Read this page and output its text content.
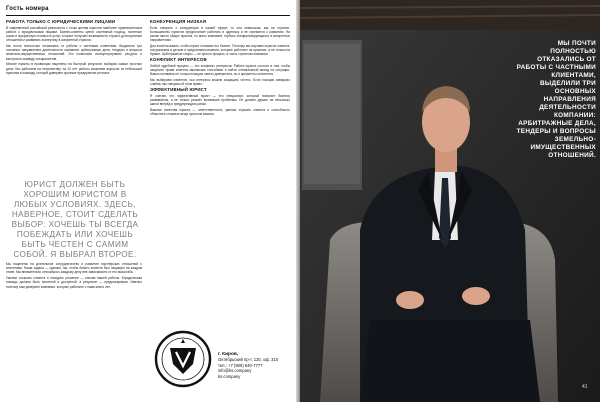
Гость номера
РАБОТА ТОЛЬКО С ЮРИДИЧЕСКИМИ ЛИЦАМИ

В современной российской реальности с точки зрения юристов наиболее привлекательна работа с юридическими лицами. Бизнес-клиенты ценят системный подход, понятные сроки и прозрачную стоимость услуг, а юрист получает возможность строить долгосрочные отношения и развивать экспертизу в конкретной отрасли.

Мы почти полностью отказались от работы с частными клиентами. Выделили три основных направления деятельности компании: арбитражные дела, тендеры и вопросы земельно-имущественных отношений. Это позволило сконцентрировать ресурсы и выстроить команду специалистов.

Многие юристы в провинции нацелены на быстрый результат, выбирая самые простые дела. Мы работаем на перспективу: за 10 лет работы компания выросла из небольшой практики в команду, которой доверяют крупные предприятия региона.

КОНКУРЕНЦИЯ НИЗКАЯ

Если говорить о конкуренции в нашей сфере, то она невысокая, как ни странно. Большинство юристов предпочитает работать в одиночку и не стремится к развитию. На рынке много общих практик, но мало компаний, глубоко специализирующихся в конкретных направлениях.

Для клиента важно, чтобы юрист понимал его бизнес. Поэтому мы изучаем отрасль клиента, погружаемся в детали и предлагаем решения, которые работают на практике, а не только на бумаге. Арбитражные споры — не просто процесс, а часть стратегии компании.

КОНФЛИКТ ИНТЕРЕСОВ

Любой судебный процесс — это конфликт интересов. Работа юриста состоит в том, чтобы защитить права клиента законными способами и найти оптимальный выход из ситуации. Важно понимать не только позицию своего доверителя, но и аргументы оппонента.

Мы выбираем клиентов, чьи интересы можем защищать честно. Если позиция заведомо слабая, мы говорим об этом прямо.

ЭФФЕКТИВНЫЙ ЮРИСТ

Я считаю, что эффективный юрист — это специалист, который помогает бизнесу развиваться, а не только решает возникшие проблемы. Он должен думать на несколько шагов вперёд и предупреждать риски.

Важные качества юриста — ответственность, умение слушать клиента и способность объяснять сложные вещи простым языком.

ЮРИСТ ДОЛЖЕН БЫТЬ ХОРОШИМ ЮРИСТОМ В ЛЮБЫХ УСЛОВИЯХ. ЗДЕСЬ, НАВЕРНОЕ, СТОИТ СДЕЛАТЬ ВЫБОР: ХОЧЕШЬ ТЫ ВСЕГДА ПОБЕЖДАТЬ ИЛИ ХОЧЕШЬ БЫТЬ ЧЕСТЕН С САМИМ СОБОЙ. Я ВЫБРАЛ ВТОРОЕ.

Мы нацелены на длительное сотрудничество и развитие партнёрских отношений с клиентами. Наша задача — сделать так, чтобы бизнес клиента был защищён на каждом этапе. Мы внимательно относимся к каждому делу вне зависимости от его масштаба.

Умение слышать клиента и находить решения — основа нашей работы. Юридическая помощь должна быть понятной и доступной, а результат — предсказуемым. Именно поэтому нам доверяют компании, которые работают с нами много лет.

г. Киров,
Октябрьский пр-т, 120, оф. 310
тел.: +7 (909) 640-7777
info@ks.company
ks.company
МЫ ПОЧТИ ПОЛНОСТЬЮ ОТКАЗАЛИСЬ ОТ РАБОТЫ С ЧАСТНЫМИ КЛИЕНТАМИ, ВЫДЕЛИЛИ ТРИ ОСНОВНЫХ НАПРАВЛЕНИЯ ДЕЯТЕЛЬНОСТИ КОМПАНИИ: АРБИТРАЖНЫЕ ДЕЛА, ТЕНДЕРЫ И ВОПРОСЫ ЗЕМЕЛЬНО-ИМУЩЕСТВЕННЫХ ОТНОШЕНИЙ.
41
